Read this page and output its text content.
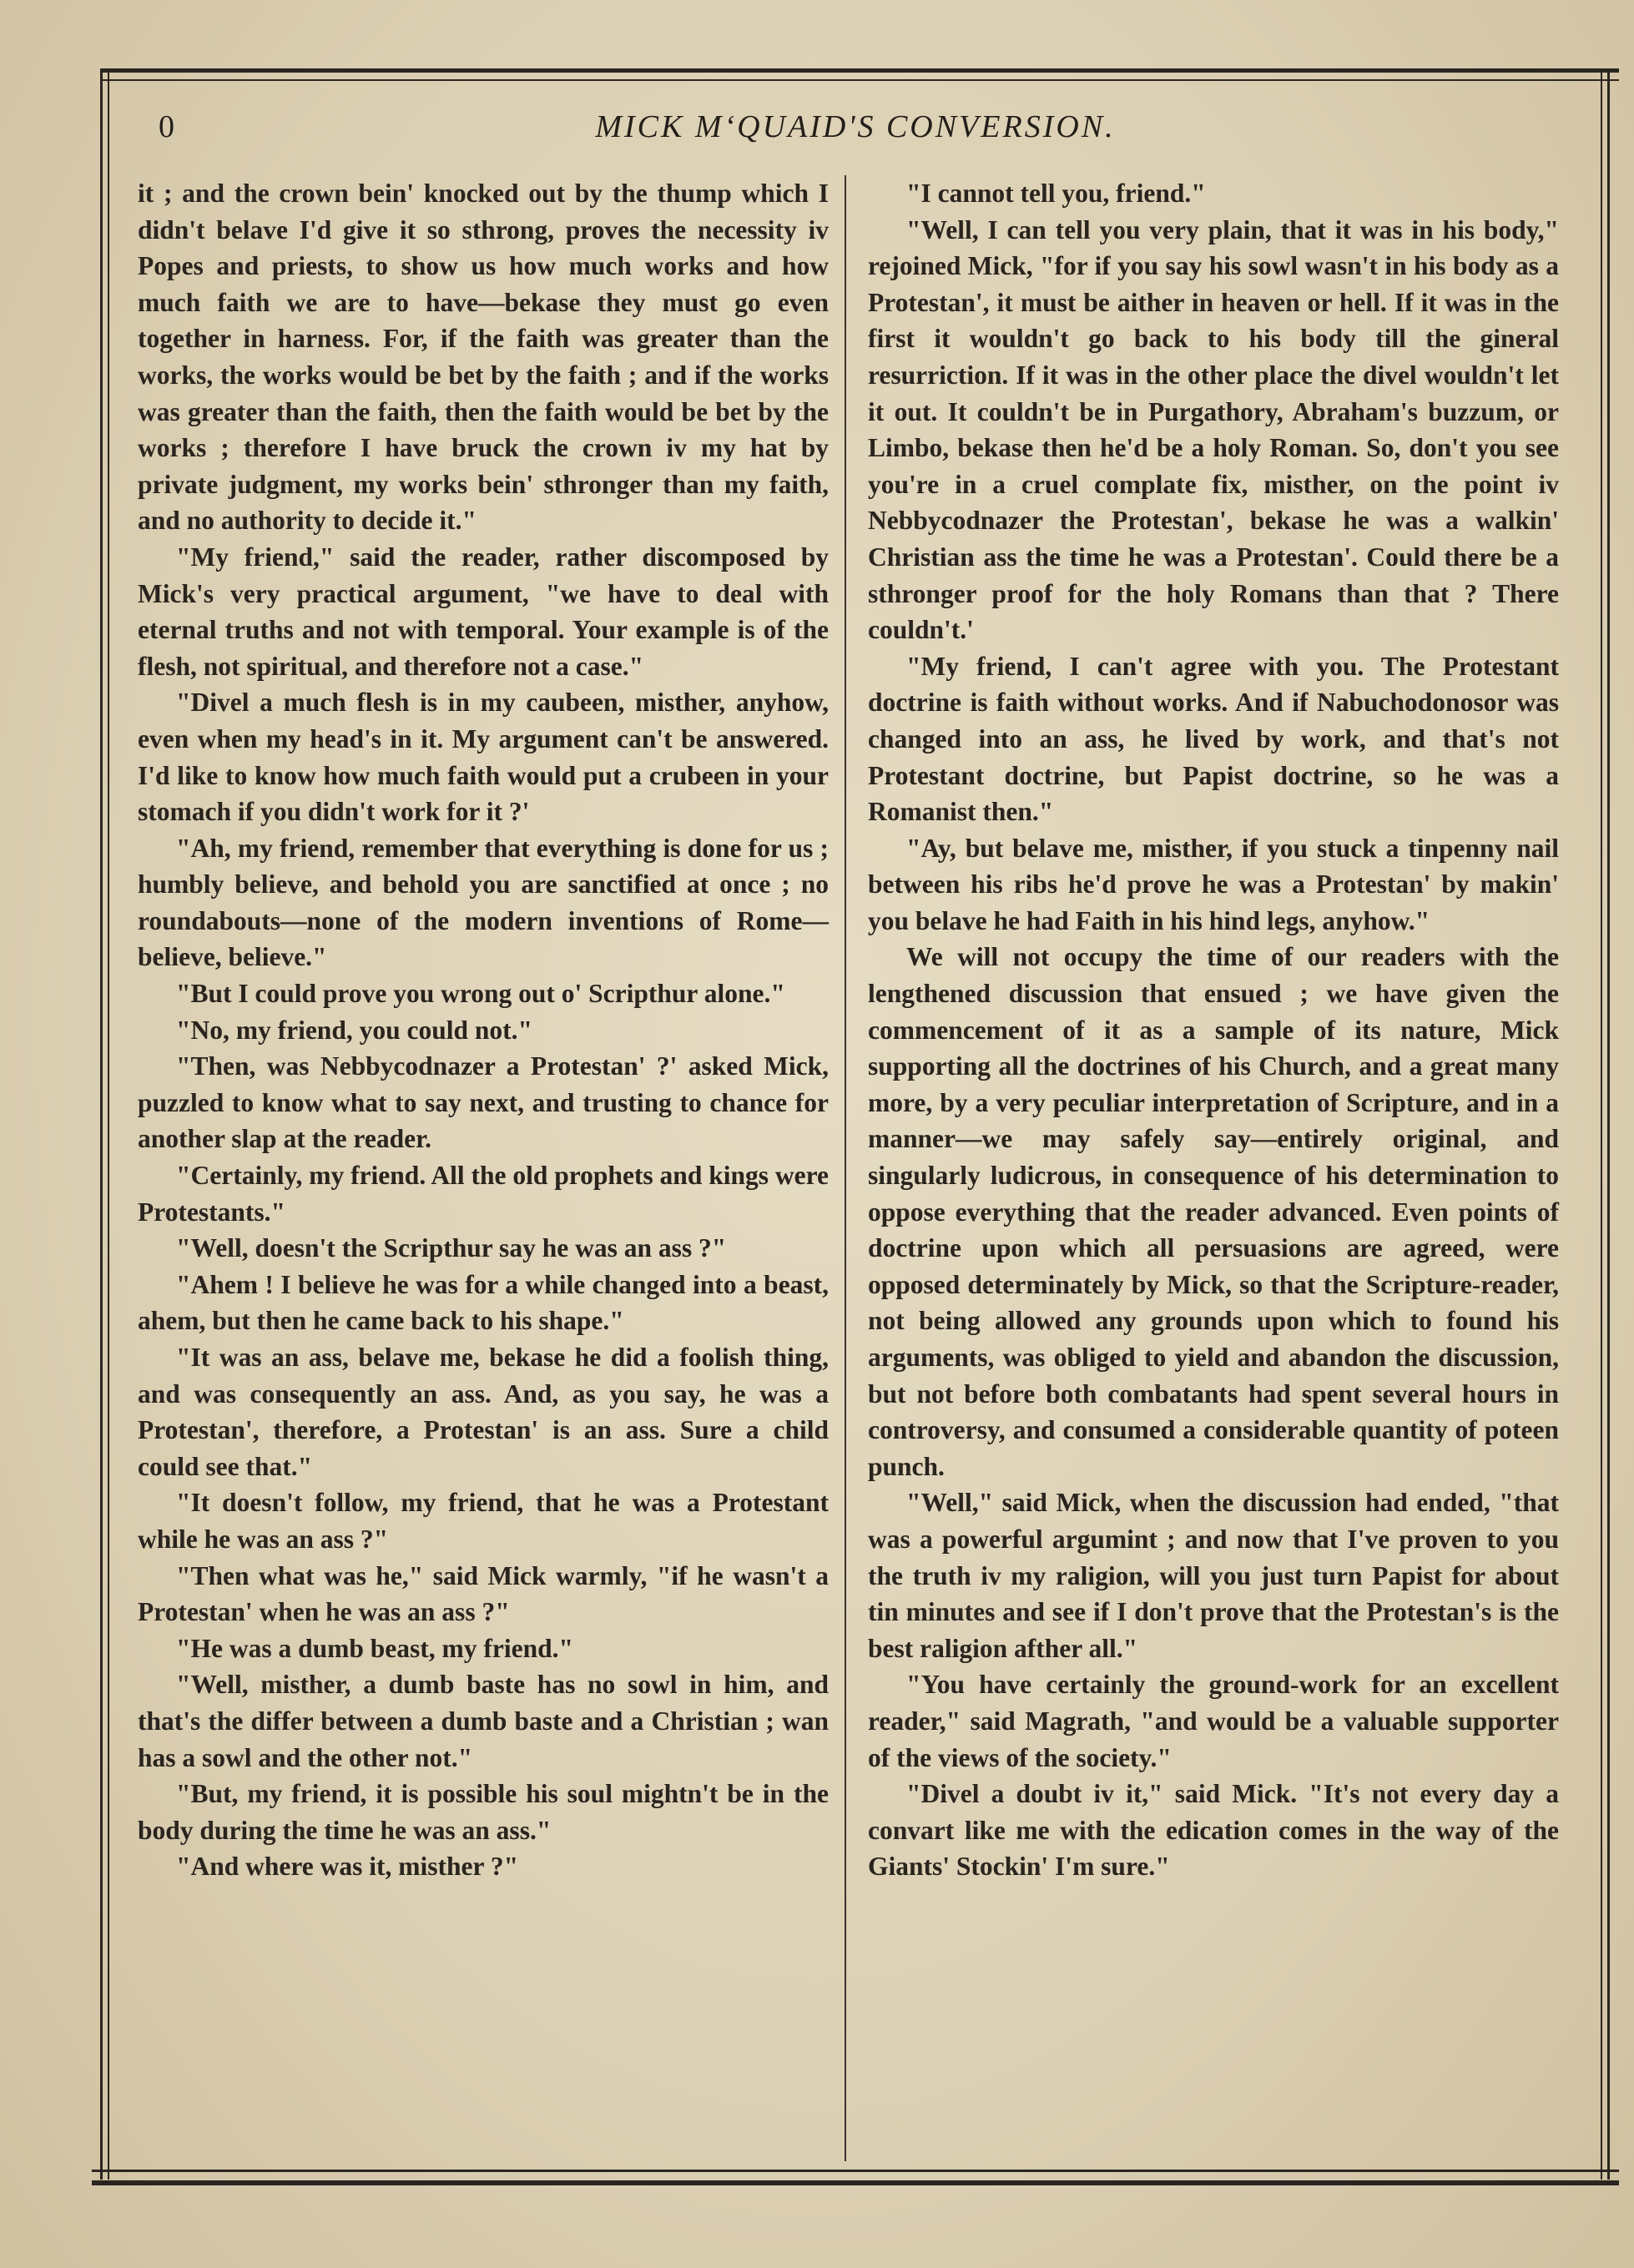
0	MICK M‘QUAID'S CONVERSION.

it ; and the crown bein' knocked out by the thump which I didn't belave I'd give it so sthrong, proves the necessity iv Popes and priests, to show us how much works and how much faith we are to have—bekase they must go even together in harness. For, if the faith was greater than the works, the works would be bet by the faith ; and if the works was greater than the faith, then the faith would be bet by the works ; therefore I have bruck the crown iv my hat by private judgment, my works bein' sthronger than my faith, and no authority to decide it."

"My friend," said the reader, rather discomposed by Mick's very practical argument, "we have to deal with eternal truths and not with temporal. Your example is of the flesh, not spiritual, and therefore not a case."

"Divel a much flesh is in my caubeen, misther, anyhow, even when my head's in it. My argument can't be answered. I'd like to know how much faith would put a crubeen in your stomach if you didn't work for it ?'

"Ah, my friend, remember that everything is done for us ; humbly believe, and behold you are sanctified at once ; no roundabouts—none of the modern inventions of Rome—believe, believe."

"But I could prove you wrong out o' Scripthur alone."

"No, my friend, you could not."

"Then, was Nebbycodnazer a Protestan' ?' asked Mick, puzzled to know what to say next, and trusting to chance for another slap at the reader.

"Certainly, my friend. All the old prophets and kings were Protestants."

"Well, doesn't the Scripthur say he was an ass ?"

"Ahem ! I believe he was for a while changed into a beast, ahem, but then he came back to his shape."

"It was an ass, belave me, bekase he did a foolish thing, and was consequently an ass. And, as you say, he was a Protestan', therefore, a Protestan' is an ass. Sure a child could see that."

"It doesn't follow, my friend, that he was a Protestant while he was an ass ?"

"Then what was he," said Mick warmly, "if he wasn't a Protestan' when he was an ass ?"

"He was a dumb beast, my friend."

"Well, misther, a dumb baste has no sowl in him, and that's the differ between a dumb baste and a Christian ; wan has a sowl and the other not."

"But, my friend, it is possible his soul mightn't be in the body during the time he was an ass."

"And where was it, misther ?"

"I cannot tell you, friend."

"Well, I can tell you very plain, that it was in his body," rejoined Mick, "for if you say his sowl wasn't in his body as a Protestan', it must be aither in heaven or hell. If it was in the first it wouldn't go back to his body till the gineral resurriction. If it was in the other place the divel wouldn't let it out. It couldn't be in Purgathory, Abraham's buzzum, or Limbo, bekase then he'd be a holy Roman. So, don't you see you're in a cruel complate fix, misther, on the point iv Nebbycodnazer the Protestan', bekase he was a walkin' Christian ass the time he was a Protestan'. Could there be a sthronger proof for the holy Romans than that ? There couldn't.'

"My friend, I can't agree with you. The Protestant doctrine is faith without works. And if Nabuchodonosor was changed into an ass, he lived by work, and that's not Protestant doctrine, but Papist doctrine, so he was a Romanist then."

"Ay, but belave me, misther, if you stuck a tinpenny nail between his ribs he'd prove he was a Protestan' by makin' you belave he had Faith in his hind legs, anyhow."

We will not occupy the time of our readers with the lengthened discussion that ensued ; we have given the commencement of it as a sample of its nature, Mick supporting all the doctrines of his Church, and a great many more, by a very peculiar interpretation of Scripture, and in a manner—we may safely say—entirely original, and singularly ludicrous, in consequence of his determination to oppose everything that the reader advanced. Even points of doctrine upon which all persuasions are agreed, were opposed determinately by Mick, so that the Scripture-reader, not being allowed any grounds upon which to found his arguments, was obliged to yield and abandon the discussion, but not before both combatants had spent several hours in controversy, and consumed a considerable quantity of poteen punch.

"Well," said Mick, when the discussion had ended, "that was a powerful argumint ; and now that I've proven to you the truth iv my raligion, will you just turn Papist for about tin minutes and see if I don't prove that the Protestan's is the best raligion afther all."

"You have certainly the ground-work for an excellent reader," said Magrath, "and would be a valuable supporter of the views of the society."

"Divel a doubt iv it," said Mick. "It's not every day a convart like me with the edication comes in the way of the Giants' Stockin' I'm sure."
